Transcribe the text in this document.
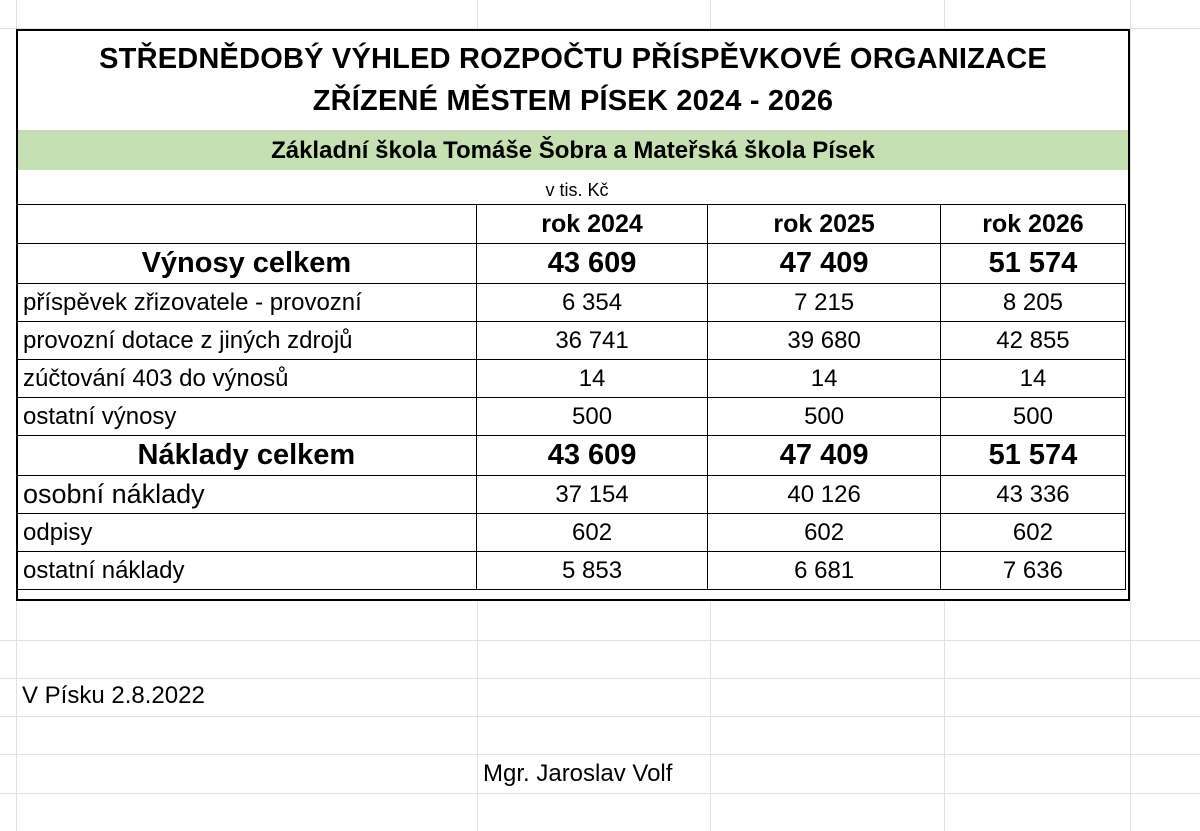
STŘEDNĚDOBÝ VÝHLED ROZPOČTU PŘÍSPĚVKOVÉ ORGANIZACE
ZŘÍZENÉ MĚSTEM PÍSEK 2024 - 2026
Základní škola Tomáše Šobra a Mateřská škola Písek
v tis. Kč
	rok 2024	rok 2025	rok 2026
Výnosy celkem	43 609	47 409	51 574
příspěvek zřizovatele - provozní	6 354	7 215	8 205
provozní dotace z jiných zdrojů	36 741	39 680	42 855
zúčtování 403 do výnosů	14	14	14
ostatní výnosy	500	500	500
Náklady celkem	43 609	47 409	51 574
osobní náklady	37 154	40 126	43 336
odpisy	602	602	602
ostatní náklady	5 853	6 681	7 636
V Písku 2.8.2022
Mgr. Jaroslav Volf
